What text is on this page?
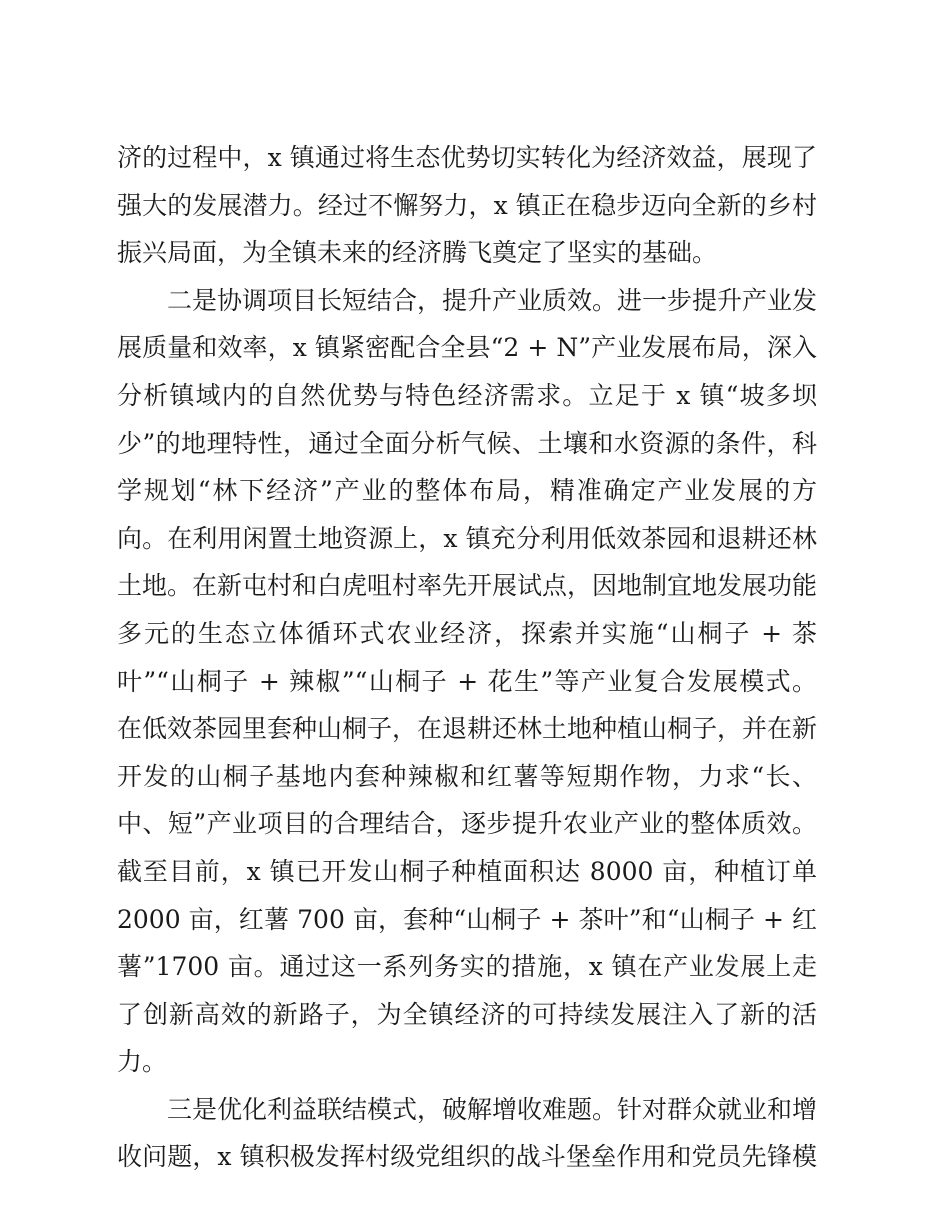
济的过程中，x 镇通过将生态优势切实转化为经济效益，展现了
强大的发展潜力。经过不懈努力，x 镇正在稳步迈向全新的乡村
振兴局面，为全镇未来的经济腾飞奠定了坚实的基础。
二是协调项目长短结合，提升产业质效。进一步提升产业发
展质量和效率，x 镇紧密配合全县“2 + N”产业发展布局，深入
分析镇域内的自然优势与特色经济需求。立足于 x 镇“坡多坝
少”的地理特性，通过全面分析气候、土壤和水资源的条件，科
学规划“林下经济”产业的整体布局，精准确定产业发展的方
向。在利用闲置土地资源上，x 镇充分利用低效茶园和退耕还林
土地。在新屯村和白虎咀村率先开展试点，因地制宜地发展功能
多元的生态立体循环式农业经济，探索并实施“山桐子 + 茶
叶”“山桐子 + 辣椒”“山桐子 + 花生”等产业复合发展模式。
在低效茶园里套种山桐子，在退耕还林土地种植山桐子，并在新
开发的山桐子基地内套种辣椒和红薯等短期作物，力求“长、
中、短”产业项目的合理结合，逐步提升农业产业的整体质效。
截至目前，x 镇已开发山桐子种植面积达 8000 亩，种植订单
2000 亩，红薯 700 亩，套种“山桐子 + 茶叶”和“山桐子 + 红
薯”1700 亩。通过这一系列务实的措施，x 镇在产业发展上走
了创新高效的新路子，为全镇经济的可持续发展注入了新的活
力。
三是优化利益联结模式，破解增收难题。针对群众就业和增
收问题，x 镇积极发挥村级党组织的战斗堡垒作用和党员先锋模
